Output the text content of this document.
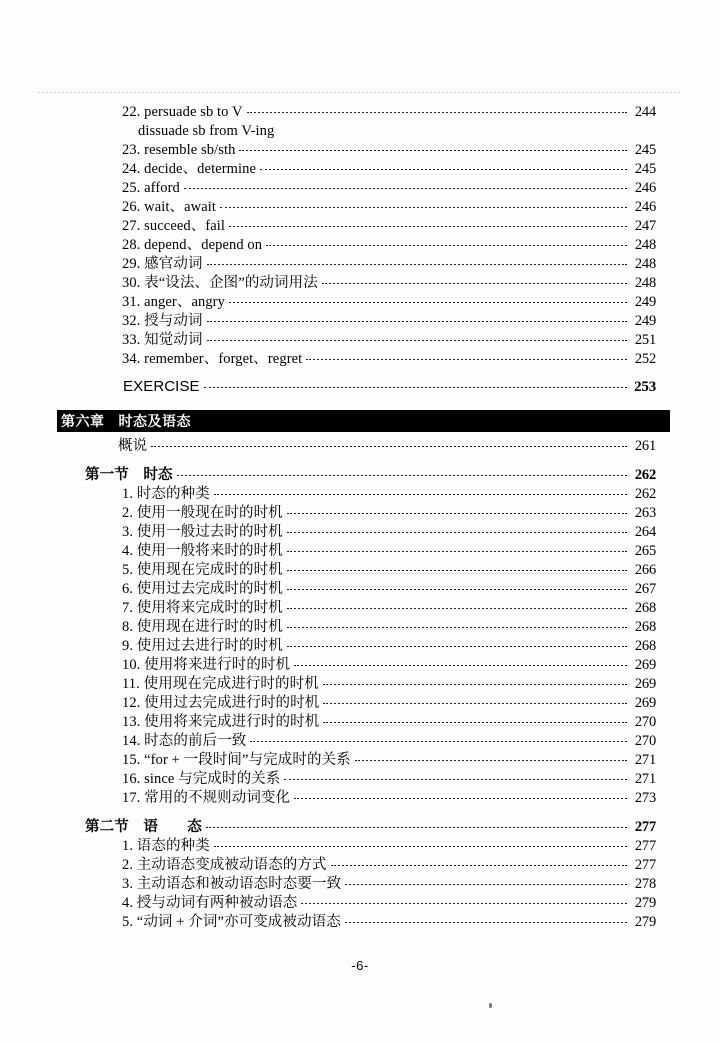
22. persuade sb to V	244
dissuade sb from V-ing
23. resemble sb/sth	245
24. decide、determine	245
25. afford	246
26. wait、await	246
27. succeed、fail	247
28. depend、depend on	248
29. 感官动词	248
30. 表“设法、企图”的动词用法	248
31. anger、angry	249
32. 授与动词	249
33. 知觉动词	251
34. remember、forget、regret	252
EXERCISE	253
第六章 时态及语态
概说	261
第一节　时态	262
1. 时态的种类	262
2. 使用一般现在时的时机	263
3. 使用一般过去时的时机	264
4. 使用一般将来时的时机	265
5. 使用现在完成时的时机	266
6. 使用过去完成时的时机	267
7. 使用将来完成时的时机	268
8. 使用现在进行时的时机	268
9. 使用过去进行时的时机	268
10. 使用将来进行时的时机	269
11. 使用现在完成进行时的时机	269
12. 使用过去完成进行时的时机	269
13. 使用将来完成进行时的时机	270
14. 时态的前后一致	270
15. “for + 一段时间”与完成时的关系	271
16. since 与完成时的关系	271
17. 常用的不规则动词变化	273
第二节　语　　态	277
1. 语态的种类	277
2. 主动语态变成被动语态的方式	277
3. 主动语态和被动语态时态要一致	278
4. 授与动词有两种被动语态	279
5. “动词 + 介词”亦可变成被动语态	279
-6-
